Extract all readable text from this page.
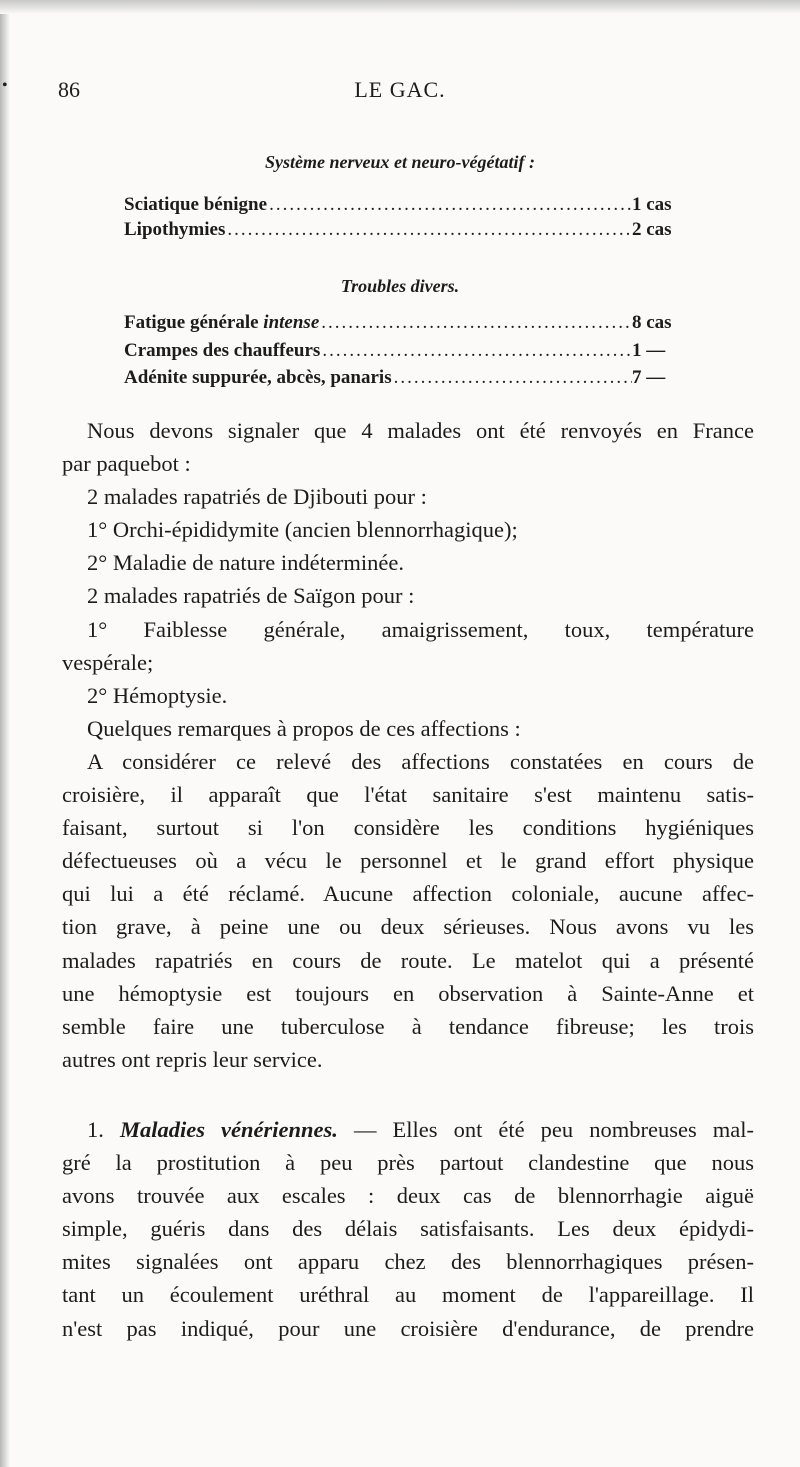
• 86	LE GAC.
Système nerveux et neuro-végétatif :
Sciatique bénigne .....	1 cas
Lipothymies .....	2 cas
Troubles divers.
Fatigue générale intense .....	8 cas
Crampes des chauffeurs .....	1 —
Adénite suppurée, abcès, panaris .....	7 —
Nous devons signaler que 4 malades ont été renvoyés en France
par paquebot :
2 malades rapatriés de Djibouti pour :
1° Orchi-épididymite (ancien blennorrhagique);
2° Maladie de nature indéterminée.
2 malades rapatriés de Saïgon pour :
1° Faiblesse générale, amaigrissement, toux, température
vespérale;
2° Hémoptysie.
Quelques remarques à propos de ces affections :
A considérer ce relevé des affections constatées en cours de
croisière, il apparaît que l'état sanitaire s'est maintenu satis-
faisant, surtout si l'on considère les conditions hygiéniques
défectueuses où a vécu le personnel et le grand effort physique
qui lui a été réclamé. Aucune affection coloniale, aucune affec-
tion grave, à peine une ou deux sérieuses. Nous avons vu les
malades rapatriés en cours de route. Le matelot qui a présenté
une hémoptysie est toujours en observation à Sainte-Anne et
semble faire une tuberculose à tendance fibreuse; les trois
autres ont repris leur service.
1. Maladies vénériennes. — Elles ont été peu nombreuses mal-
gré la prostitution à peu près partout clandestine que nous
avons trouvée aux escales : deux cas de blennorrhagie aiguë
simple, guéris dans des délais satisfaisants. Les deux épidydi-
mites signalées ont apparu chez des blennorrhagiques présen-
tant un écoulement uréthral au moment de l'appareillage. Il
n'est pas indiqué, pour une croisière d'endurance, de prendre
